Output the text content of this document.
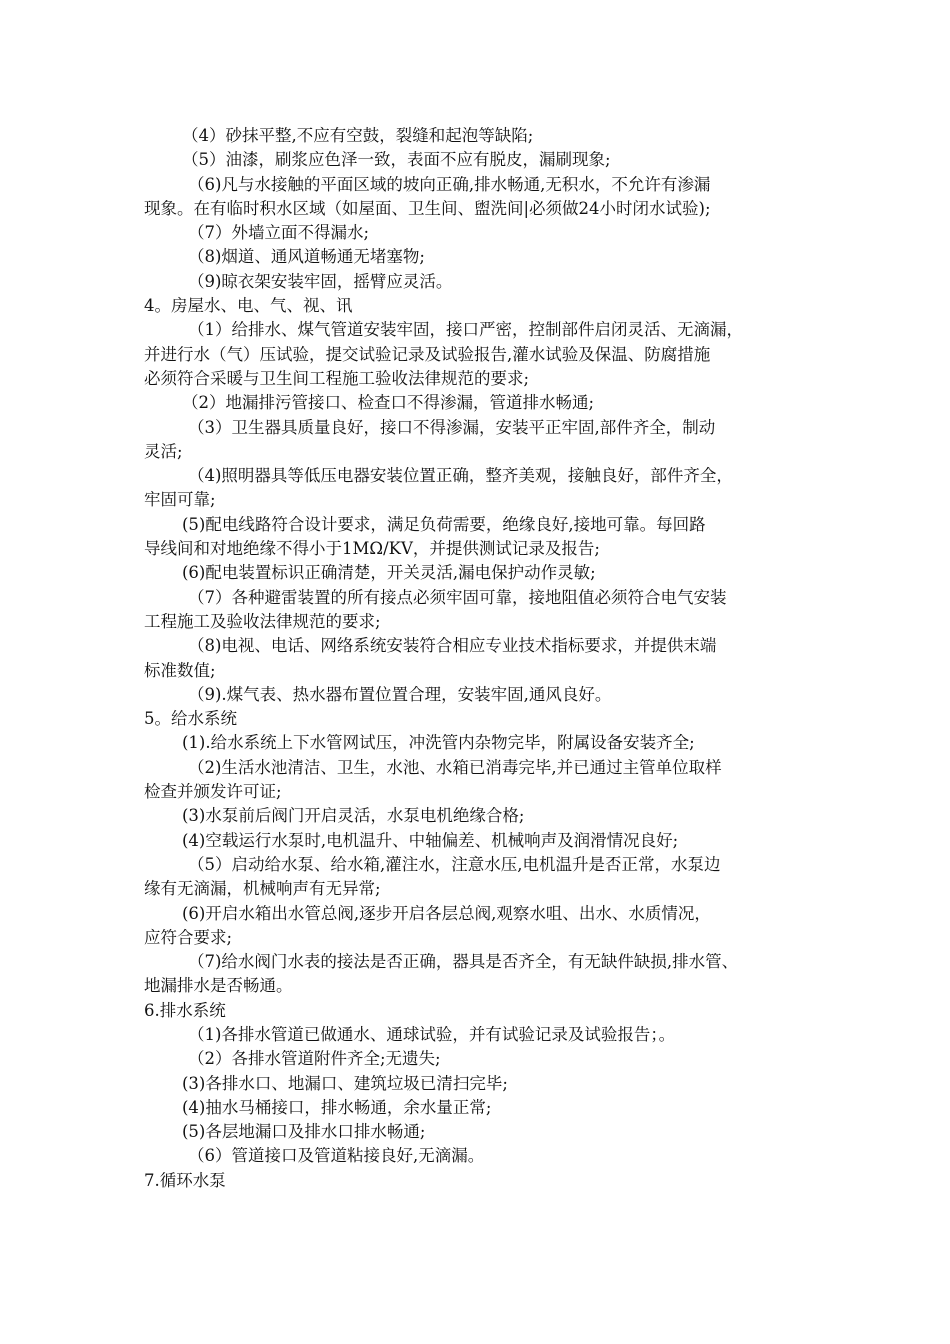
（4）砂抹平整,不应有空鼓，裂缝和起泡等缺陷;
（5）油漆，刷浆应色泽一致，表面不应有脱皮，漏刷现象;
（6)凡与水接触的平面区域的坡向正确,排水畅通,无积水，不允许有渗漏
现象。在有临时积水区域（如屋面、卫生间、盥洗间|必须做24小时闭水试验);
（7）外墙立面不得漏水;
（8)烟道、通风道畅通无堵塞物;
（9)晾衣架安装牢固，摇臂应灵活。
4。房屋水、电、气、视、讯
（1）给排水、煤气管道安装牢固，接口严密，控制部件启闭灵活、无滴漏，
并进行水（气）压试验，提交试验记录及试验报告,灌水试验及保温、防腐措施
必须符合采暖与卫生间工程施工验收法律规范的要求;
（2）地漏排污管接口、检查口不得渗漏，管道排水畅通;
（3）卫生器具质量良好，接口不得渗漏，安装平正牢固,部件齐全，制动
灵活;
（4)照明器具等低压电器安装位置正确，整齐美观，接触良好，部件齐全，
牢固可靠;
(5)配电线路符合设计要求，满足负荷需要，绝缘良好,接地可靠。每回路
导线间和对地绝缘不得小于1MΩ/KV，并提供测试记录及报告;
(6)配电装置标识正确清楚，开关灵活,漏电保护动作灵敏;
（7）各种避雷装置的所有接点必须牢固可靠，接地阻值必须符合电气安装
工程施工及验收法律规范的要求;
（8)电视、电话、网络系统安装符合相应专业技术指标要求，并提供末端
标准数值;
（9).煤气表、热水器布置位置合理，安装牢固,通风良好。
5。给水系统
(1).给水系统上下水管网试压，冲洗管内杂物完毕，附属设备安装齐全;
（2)生活水池清洁、卫生，水池、水箱已消毒完毕,并已通过主管单位取样
检查并颁发许可证;
(3)水泵前后阀门开启灵活，水泵电机绝缘合格;
(4)空载运行水泵时,电机温升、中轴偏差、机械响声及润滑情况良好;
（5）启动给水泵、给水箱,灌注水，注意水压,电机温升是否正常，水泵边
缘有无滴漏，机械响声有无异常;
(6)开启水箱出水管总阀,逐步开启各层总阀,观察水咀、出水、水质情况，
应符合要求;
（7)给水阀门水表的接法是否正确，器具是否齐全，有无缺件缺损,排水管、
地漏排水是否畅通。
6.排水系统
（1)各排水管道已做通水、通球试验，并有试验记录及试验报告；。
（2）各排水管道附件齐全;无遗失;
(3)各排水口、地漏口、建筑垃圾已清扫完毕;
(4)抽水马桶接口，排水畅通，余水量正常;
(5)各层地漏口及排水口排水畅通;
（6）管道接口及管道粘接良好,无滴漏。
7.循环水泵
